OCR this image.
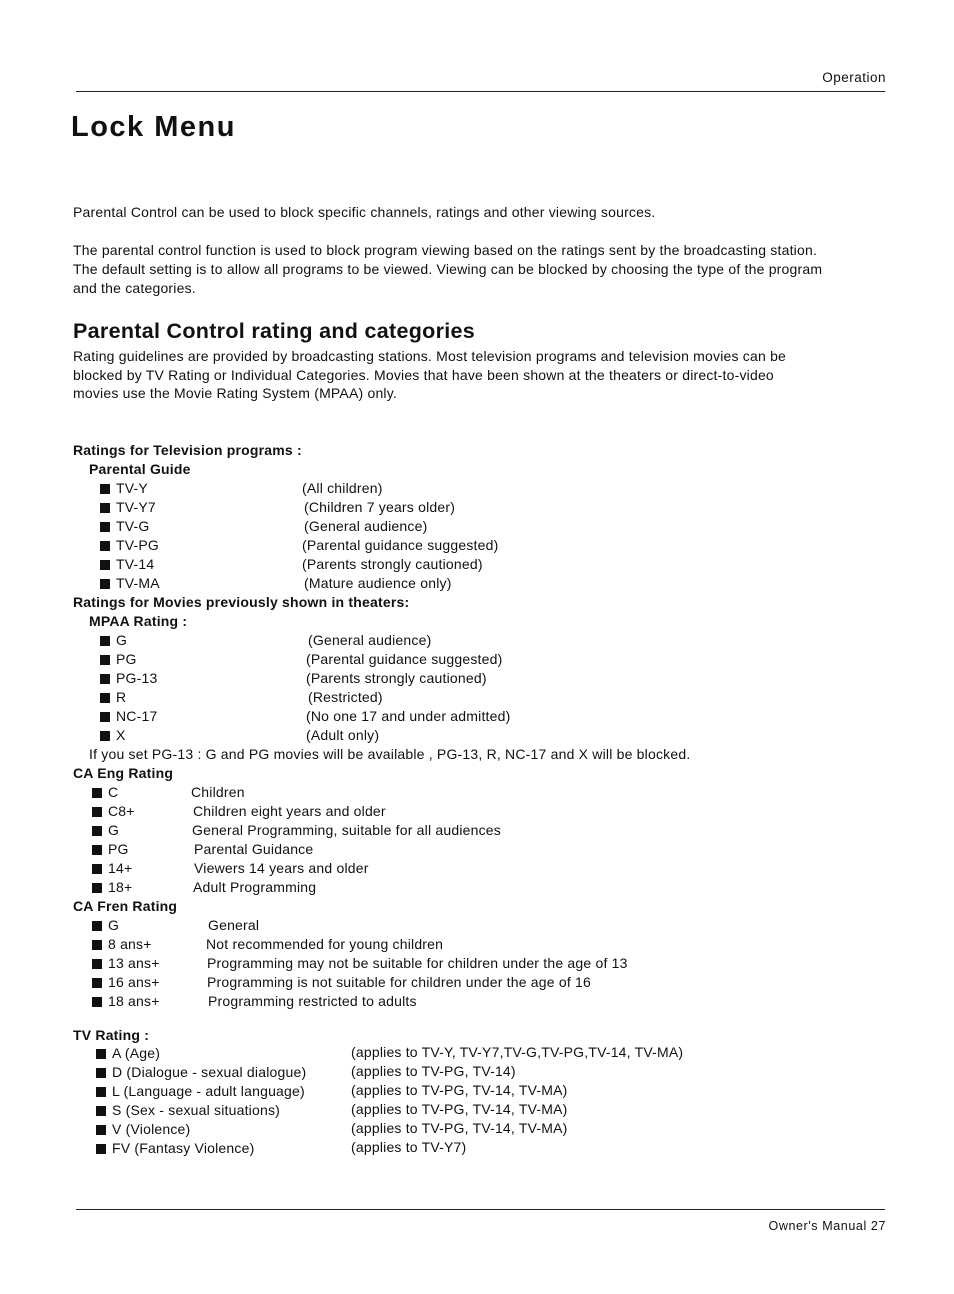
Operation
Lock Menu
Parental Control can be used to block specific channels, ratings and other viewing sources.
The parental control function is used to block program viewing based on the ratings sent by the broadcasting station.
The default setting is to allow all programs to be viewed. Viewing can be blocked by choosing the type of the program
and the categories.
Parental Control rating and categories
Rating guidelines are provided by broadcasting stations. Most television programs and television movies can be
blocked by TV Rating or Individual Categories. Movies that have been shown at the theaters or direct-to-video
movies use the Movie Rating System (MPAA) only.
Ratings for Television programs :
Parental Guide
TV-Y	(All children)
TV-Y7	(Children 7 years older)
TV-G	(General audience)
TV-PG	(Parental guidance suggested)
TV-14	(Parents strongly cautioned)
TV-MA	(Mature audience only)
Ratings for Movies previously shown in theaters:
MPAA Rating :
G	(General audience)
PG	(Parental guidance suggested)
PG-13	(Parents strongly cautioned)
R	(Restricted)
NC-17	(No one 17 and under admitted)
X	(Adult only)
If you set PG-13 : G and PG movies will be available , PG-13, R, NC-17 and X will be blocked.
CA Eng Rating
C	Children
C8+	Children eight years and older
G	General Programming, suitable for all audiences
PG	Parental Guidance
14+	Viewers 14 years and older
18+	Adult Programming
CA Fren Rating
G	General
8 ans+	Not recommended for young children
13 ans+	Programming may not be suitable for children under the age of 13
16 ans+	Programming is not suitable for children under the age of 16
18 ans+	Programming restricted to adults
TV Rating :
A (Age)	(applies to TV-Y, TV-Y7,TV-G,TV-PG,TV-14, TV-MA)
D (Dialogue - sexual dialogue)	(applies to TV-PG, TV-14)
L (Language - adult language)	(applies to TV-PG, TV-14, TV-MA)
S (Sex - sexual situations)	(applies to TV-PG, TV-14, TV-MA)
V (Violence)	(applies to TV-PG, TV-14, TV-MA)
FV (Fantasy Violence)	(applies to TV-Y7)
Owner's Manual 27
